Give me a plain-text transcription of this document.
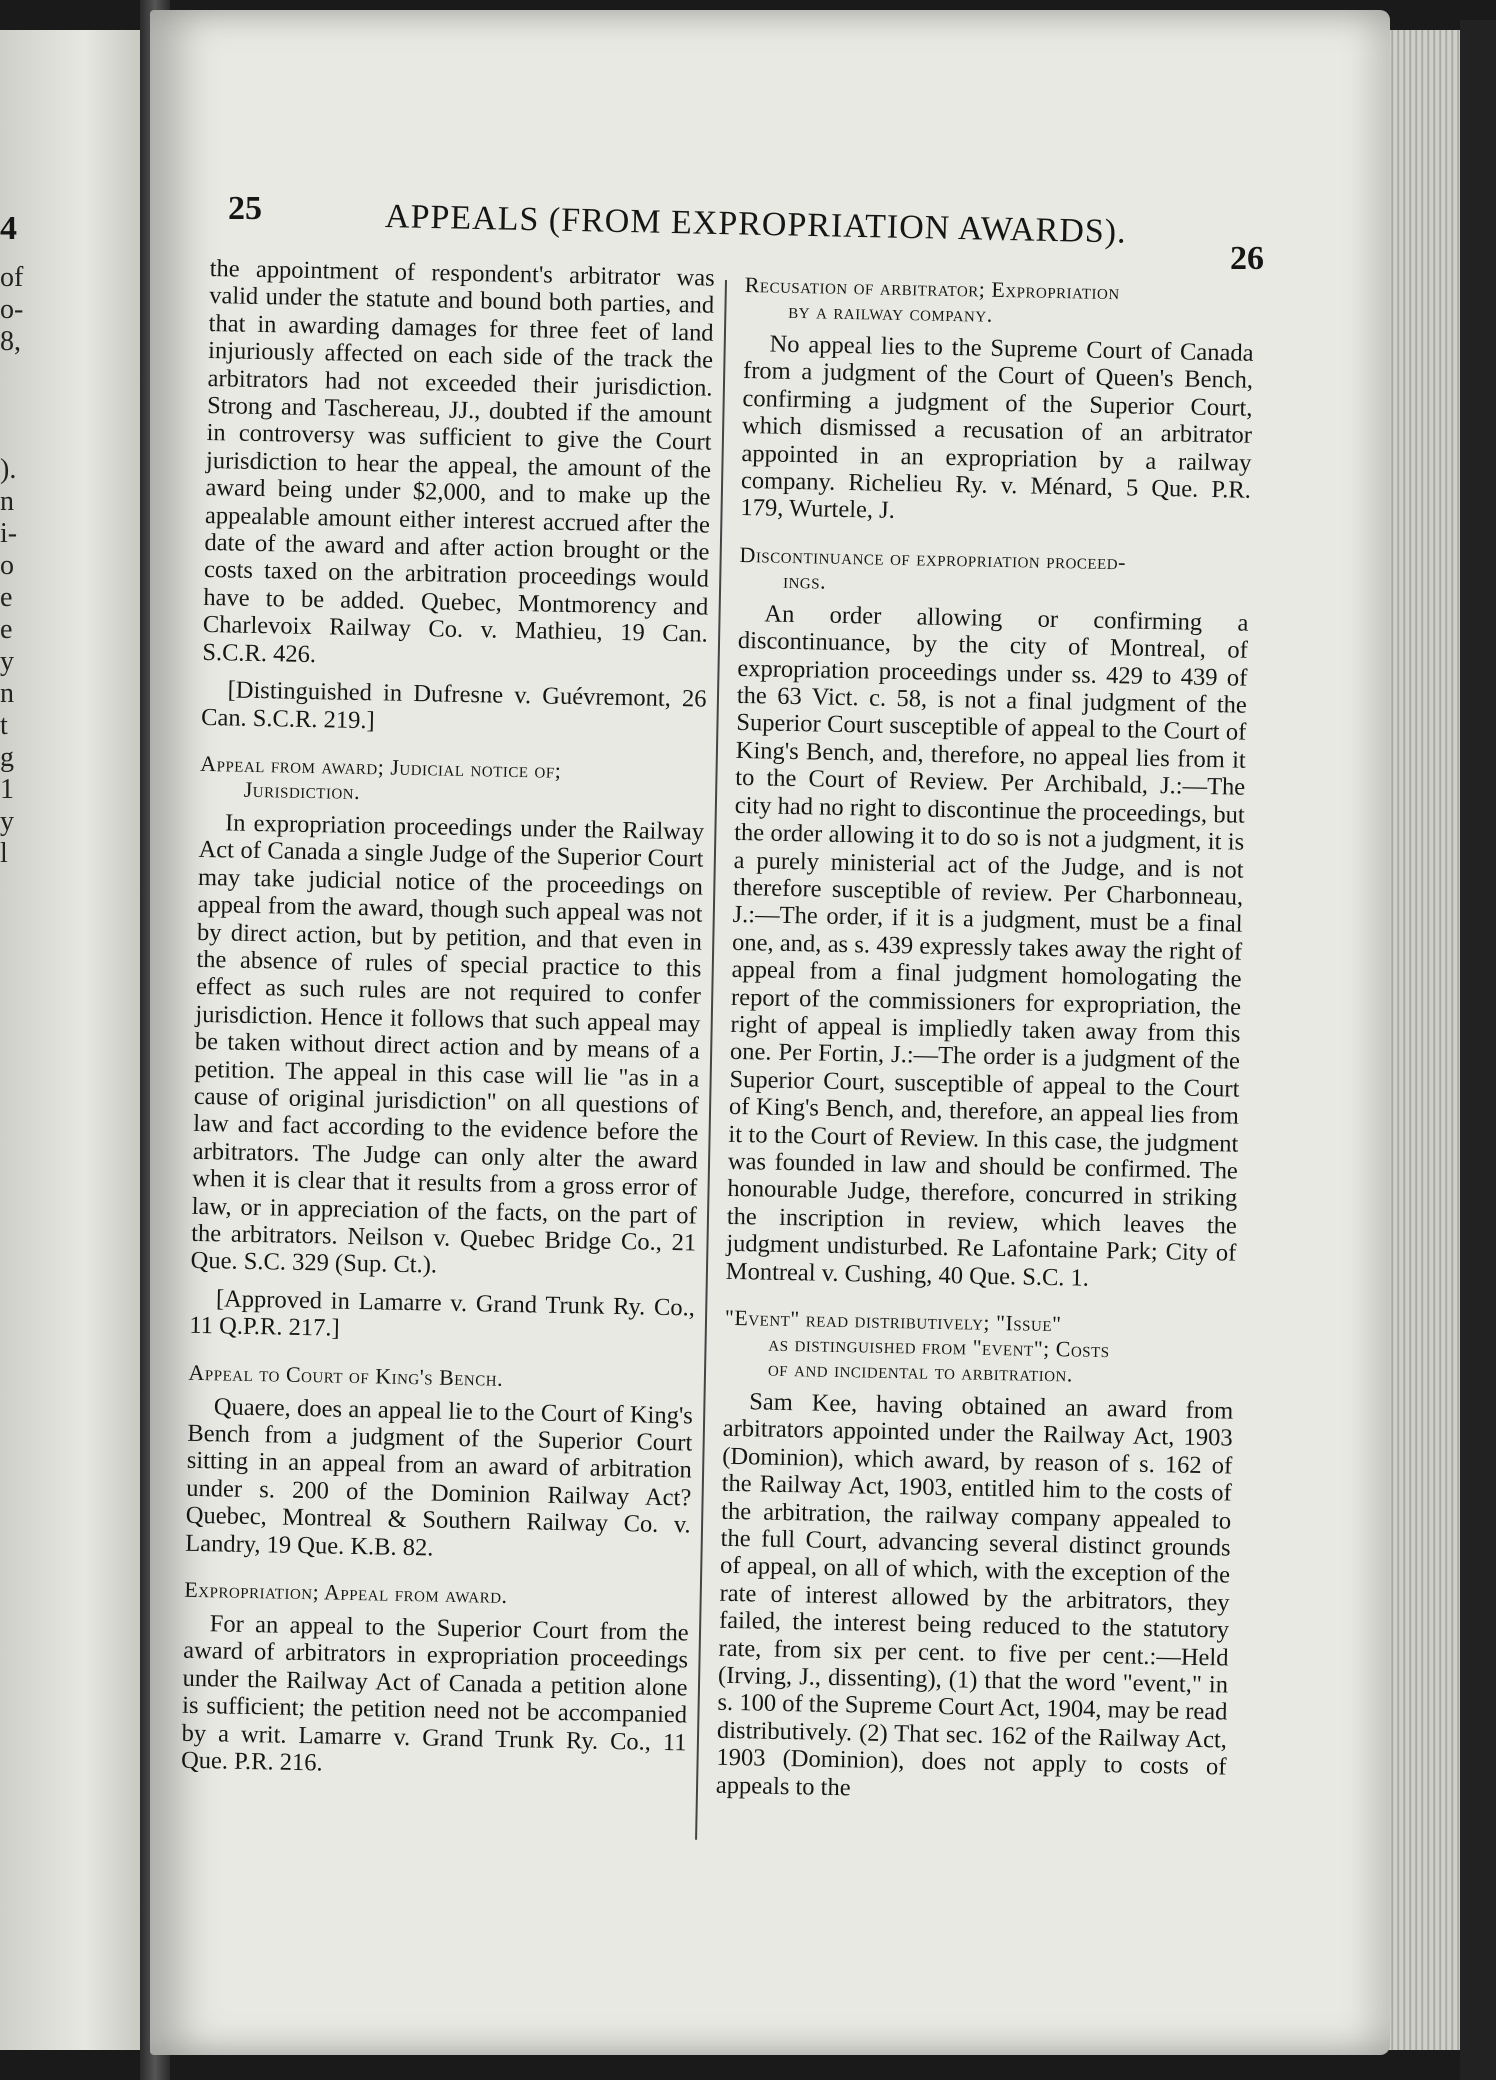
4
of
o-
8,

).
n
i-
o
e
e
y
n
t
g
1
y
l
25	APPEALS (FROM EXPROPRIATION AWARDS).
26

the appointment of respondent's arbitrator was valid under the statute and bound both parties, and that in awarding damages for three feet of land injuriously affected on each side of the track the arbitrators had not exceeded their jurisdiction. Strong and Taschereau, JJ., doubted if the amount in controversy was sufficient to give the Court jurisdiction to hear the appeal, the amount of the award being under $2,000, and to make up the appealable amount either interest accrued after the date of the award and after action brought or the costs taxed on the arbitration proceedings would have to be added. Quebec, Montmorency and Charlevoix Railway Co. v. Mathieu, 19 Can. S.C.R. 426.

[Distinguished in Dufresne v. Guévremont, 26 Can. S.C.R. 219.]

Appeal from award; Judicial notice of;
Jurisdiction.

In expropriation proceedings under the Railway Act of Canada a single Judge of the Superior Court may take judicial notice of the proceedings on appeal from the award, though such appeal was not by direct action, but by petition, and that even in the absence of rules of special practice to this effect as such rules are not required to confer jurisdiction. Hence it follows that such appeal may be taken without direct action and by means of a petition. The appeal in this case will lie "as in a cause of original jurisdiction" on all questions of law and fact according to the evidence before the arbitrators. The Judge can only alter the award when it is clear that it results from a gross error of law, or in appreciation of the facts, on the part of the arbitrators. Neilson v. Quebec Bridge Co., 21 Que. S.C. 329 (Sup. Ct.).

[Approved in Lamarre v. Grand Trunk Ry. Co., 11 Q.P.R. 217.]

Appeal to Court of King's Bench.

Quaere, does an appeal lie to the Court of King's Bench from a judgment of the Superior Court sitting in an appeal from an award of arbitration under s. 200 of the Dominion Railway Act? Quebec, Montreal & Southern Railway Co. v. Landry, 19 Que. K.B. 82.

Expropriation; Appeal from award.

For an appeal to the Superior Court from the award of arbitrators in expropriation proceedings under the Railway Act of Canada a petition alone is sufficient; the petition need not be accompanied by a writ. Lamarre v. Grand Trunk Ry. Co., 11 Que. P.R. 216.

Recusation of arbitrator; Expropriation
by a railway company.

No appeal lies to the Supreme Court of Canada from a judgment of the Court of Queen's Bench, confirming a judgment of the Superior Court, which dismissed a recusation of an arbitrator appointed in an expropriation by a railway company. Richelieu Ry. v. Ménard, 5 Que. P.R. 179, Wurtele, J.

Discontinuance of expropriation proceed-
ings.

An order allowing or confirming a discontinuance, by the city of Montreal, of expropriation proceedings under ss. 429 to 439 of the 63 Vict. c. 58, is not a final judgment of the Superior Court susceptible of appeal to the Court of King's Bench, and, therefore, no appeal lies from it to the Court of Review. Per Archibald, J.:—The city had no right to discontinue the proceedings, but the order allowing it to do so is not a judgment, it is a purely ministerial act of the Judge, and is not therefore susceptible of review. Per Charbonneau, J.:—The order, if it is a judgment, must be a final one, and, as s. 439 expressly takes away the right of appeal from a final judgment homologating the report of the commissioners for expropriation, the right of appeal is impliedly taken away from this one. Per Fortin, J.:—The order is a judgment of the Superior Court, susceptible of appeal to the Court of King's Bench, and, therefore, an appeal lies from it to the Court of Review. In this case, the judgment was founded in law and should be confirmed. The honourable Judge, therefore, concurred in striking the inscription in review, which leaves the judgment undisturbed. Re Lafontaine Park; City of Montreal v. Cushing, 40 Que. S.C. 1.

"Event" read distributively; "Issue"
as distinguished from "event"; Costs
of and incidental to arbitration.

Sam Kee, having obtained an award from arbitrators appointed under the Railway Act, 1903 (Dominion), which award, by reason of s. 162 of the Railway Act, 1903, entitled him to the costs of the arbitration, the railway company appealed to the full Court, advancing several distinct grounds of appeal, on all of which, with the exception of the rate of interest allowed by the arbitrators, they failed, the interest being reduced to the statutory rate, from six per cent. to five per cent.:—Held (Irving, J., dissenting), (1) that the word "event," in s. 100 of the Supreme Court Act, 1904, may be read distributively. (2) That sec. 162 of the Railway Act, 1903 (Dominion), does not apply to costs of appeals to the
